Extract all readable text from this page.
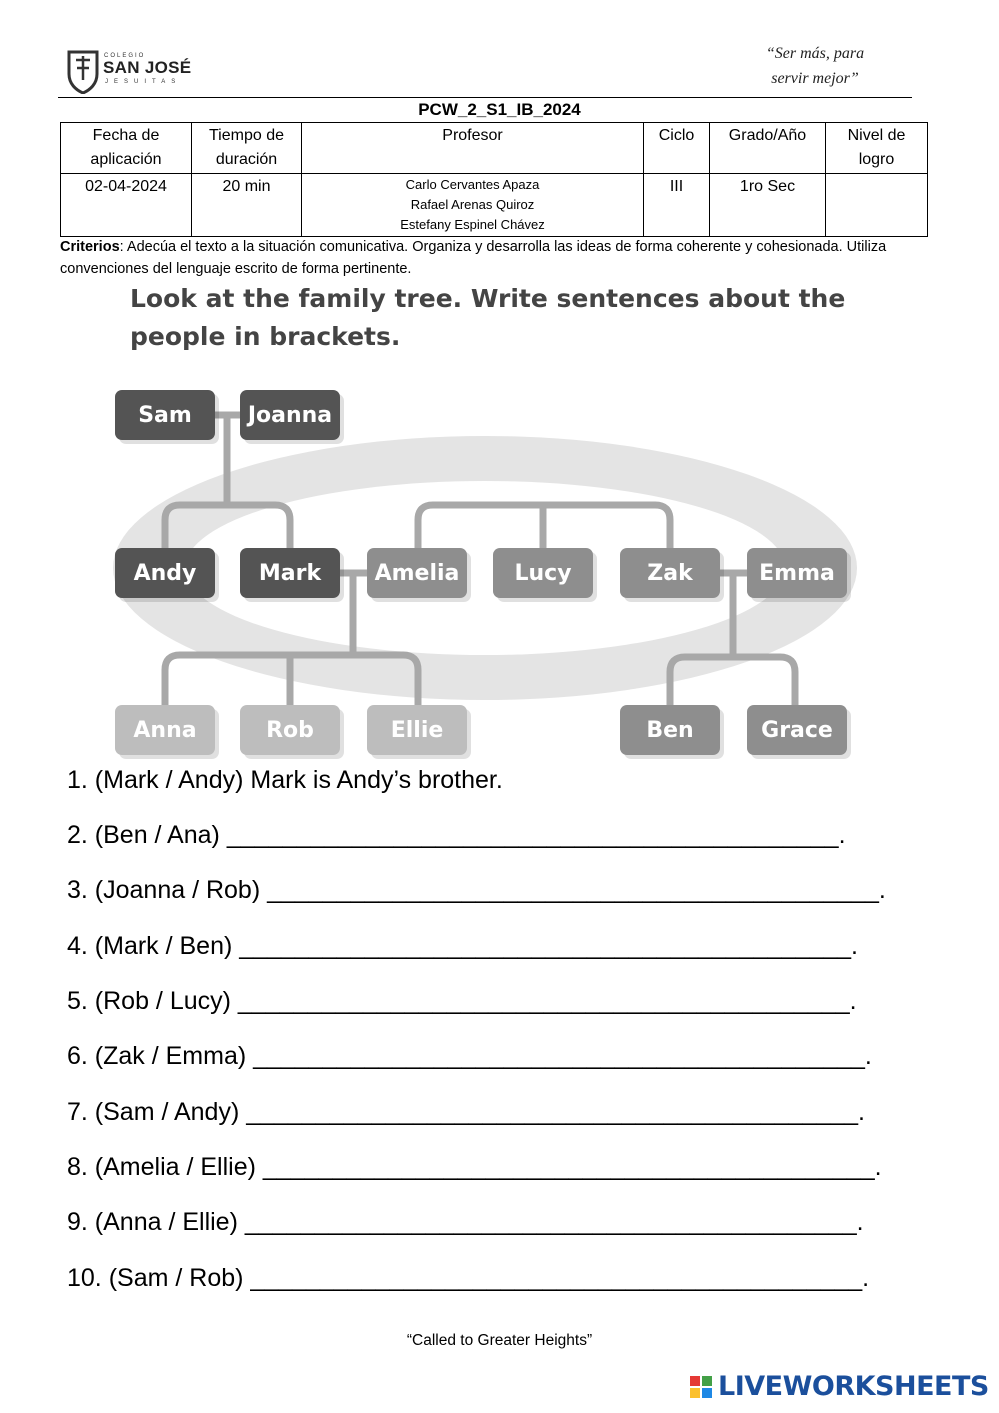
COLEGIO
SAN JOSÉ
JESUITAS
“Ser más, para
servir mejor”
PCW_2_S1_IB_2024
Fecha de aplicación	Tiempo de duración	Profesor	Ciclo	Grado/Año	Nivel de logro
02-04-2024	20 min	Carlo Cervantes Apaza
Rafael Arenas Quiroz
Estefany Espinel Chávez	III	1ro Sec	
Criterios: Adecúa el texto a la situación comunicativa. Organiza y desarrolla las ideas de forma coherente y cohesionada. Utiliza convenciones del lenguaje escrito de forma pertinente.
Look at the family tree. Write sentences about the people in brackets.
Sam	Joanna
Andy	Mark	Amelia	Lucy	Zak	Emma
Anna	Rob	Ellie	Ben	Grace
1. (Mark / Andy) Mark is Andy’s brother.
2. (Ben / Ana) ____________________________________________.
3. (Joanna / Rob) ____________________________________________.
4. (Mark / Ben) ____________________________________________.
5. (Rob / Lucy) ____________________________________________.
6. (Zak / Emma) ____________________________________________.
7. (Sam / Andy) ____________________________________________.
8. (Amelia / Ellie) ____________________________________________.
9. (Anna / Ellie) ____________________________________________.
10. (Sam / Rob) ____________________________________________.
“Called to Greater Heights”
LIVEWORKSHEETS
